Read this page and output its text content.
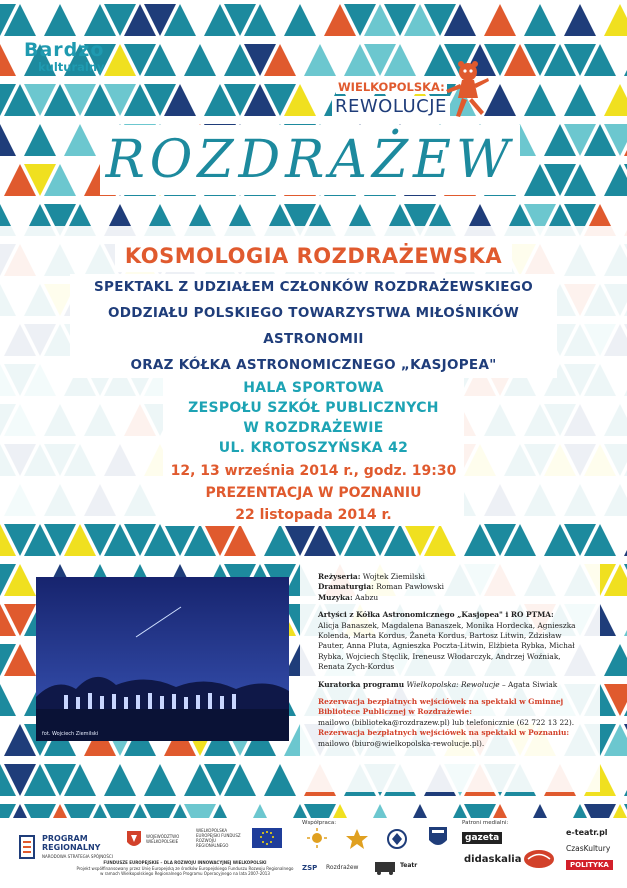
Bardzo
kulturalny
WIELKOPOLSKA:
REWOLUCJE
ROZDRAŻEW
KOSMOLOGIA ROZDRAŻEWSKA
SPEKTAKL Z UDZIAŁEM CZŁONKÓW ROZDRAŻEWSKIEGO
ODDZIAŁU POLSKIEGO TOWARZYSTWA MIŁOŚNIKÓW ASTRONOMII
ORAZ KÓŁKA ASTRONOMICZNEGO „KASJOPEA"

HALA SPORTOWA
ZESPOŁU SZKÓŁ PUBLICZNYCH
W ROZDRAŻEWIE
UL. KROTOSZYŃSKA 42
12, 13 września 2014 r., godz. 19:30
PREZENTACJA W POZNANIU
22 listopada 2014 r.
fot. Wojciech Ziemilski
Reżyseria: Wojtek Ziemilski
Dramaturgia: Roman Pawłowski
Muzyka: Aabzu
Artyści z Kółka Astronomicznego „Kasjopea" i RO PTMA:
Alicja Banaszek, Magdalena Banaszek, Monika Hordecka, Agnieszka Kolenda, Marta Kordus, Żaneta Kordus, Bartosz Litwin, Zdzisław Pauter, Anna Pluta, Agnieszka Poczta-Litwin, Elżbieta Rybka, Michał Rybka, Wojciech Stęclik, Ireneusz Włodarczyk, Andrzej Woźniak, Renata Zych-Kordus
Kuratorka programu Wielkopolska: Rewolucje – Agata Siwiak
Rezerwacja bezpłatnych wejściówek na spektakl w Gminnej Bibliotece Publicznej w Rozdrażewie:
mailowo (biblioteka@rozdrazew.pl) lub telefonicznie (62 722 13 22).
Rezerwacja bezpłatnych wejściówek na spektakl w Poznaniu:
mailowo (biuro@wielkopolska-rewolucje.pl).
PROGRAM
REGIONALNY
NARODOWA STRATEGIA SPÓJNOŚCI
WOJEWÓDZTWO WIELKOPOLSKIE
WIELKOPOLSKA EUROPEJSKI FUNDUSZ ROZWOJU REGIONALNEGO
FUNDUSZE EUROPEJSKIE – DLA ROZWOJU INNOWACYJNEJ WIELKOPOLSKI
Projekt współfinansowany przez Unię Europejską ze środków Europejskiego Funduszu Rozwoju Regionalnego
w ramach Wielkopolskiego Regionalnego Programu Operacyjnego na lata 2007-2013
Współpraca:
ZSP Rozdrażew	Teatr
Patroni medialni:
gazeta
didaskalia
e-teatr.pl
CzasKultury
POLITYKA
